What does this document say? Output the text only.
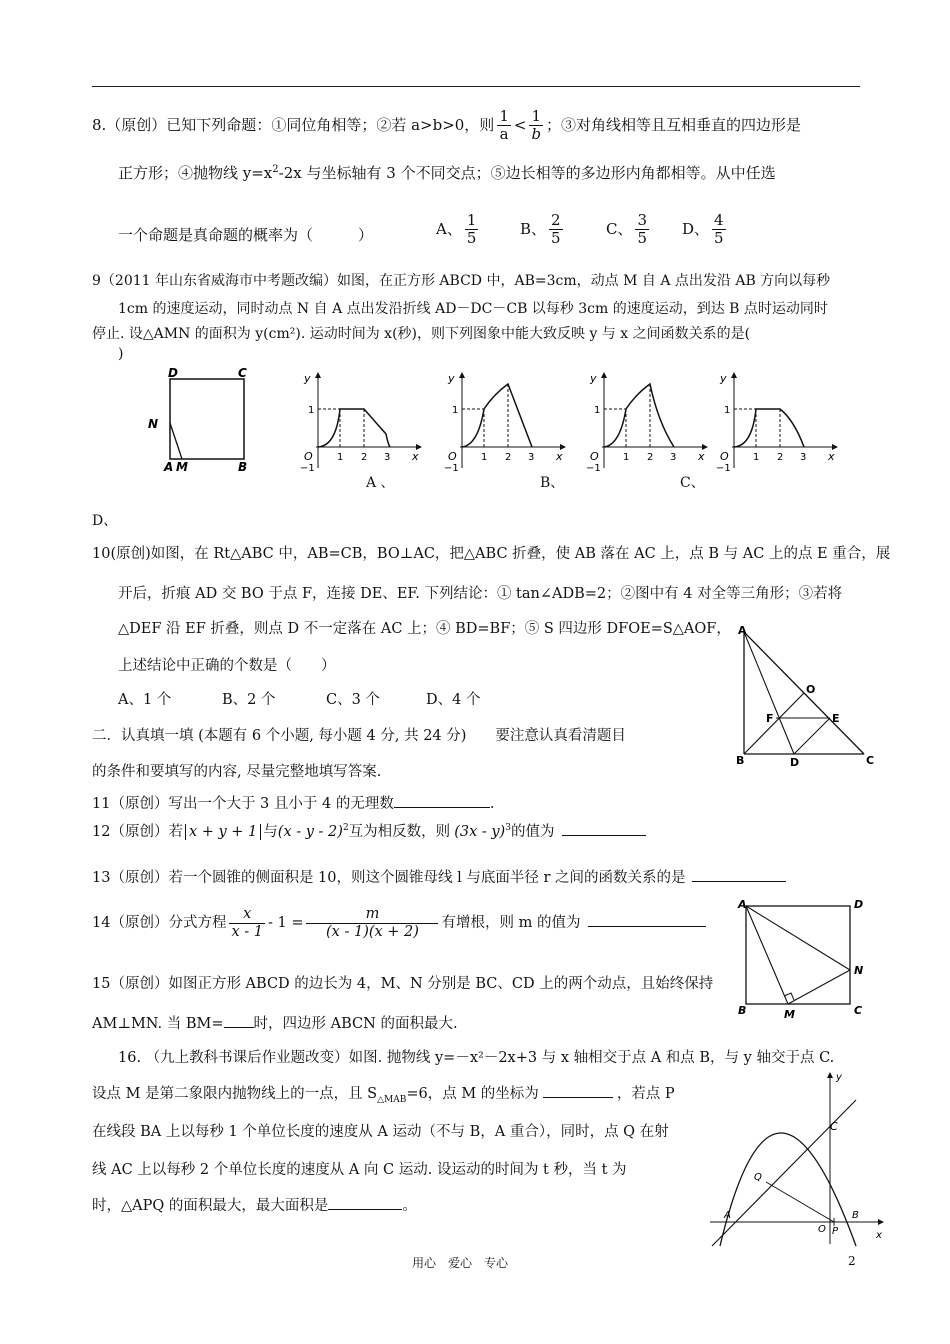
8.（原创）已知下列命题：①同位角相等；②若 a>b>0，则 $\frac{1}{a} < \frac{1}{b}$ ；③对角线相等且互相垂直的四边形是
正方形；④抛物线 $y=x^2-2x$ 与坐标轴有 3 个不同交点；⑤边长相等的多边形内角都相等。从中任选
一个命题是真命题的概率为（　　　）	A、 $\frac{1}{5}$	B、 $\frac{2}{5}$	C、 $\frac{3}{5}$ D、 $\frac{4}{5}$
9（2011 年山东省威海市中考题改编）如图，在正方形 ABCD 中，AB=3cm，动点 M 自 A 点出发沿 AB 方向以每秒
1cm 的速度运动，同时动点 N 自 A 点出发沿折线 AD－DC－CB 以每秒 3cm 的速度运动，到达 B 点时运动同时
停止. 设△AMN 的面积为 y(cm²). 运动时间为 x(秒)，则下列图象中能大致反映 y 与 x 之间函数关系的是(
)
D	C
N
A M	B
y
x
O
−1
1
1 2 3
y
x
O
−1
1
1 2 3
y
x
O
−1
1
1 2 3
y
x
O
−1
1
1 2 3
A 、	B、	C、
D、
10(原创)如图，在 Rt△ABC 中，AB=CB，BO⊥AC，把△ABC 折叠，使 AB 落在 AC 上，点 B 与 AC 上的点 E 重合，展
开后，折痕 AD 交 BO 于点 F，连接 DE、EF. 下列结论：① tan∠ADB=2；②图中有 4 对全等三角形；③若将
△DEF 沿 EF 折叠，则点 D 不一定落在 AC 上；④ BD=BF；⑤ S 四边形 DFOE=S△AOF，
上述结论中正确的个数是（　　）
A、1 个	B、2 个	C、3 个	D、4 个
A
O
F	E
B	D	C
二．认真填一填 (本题有 6 个小题, 每小题 4 分, 共 24 分)　　要注意认真看清题目
的条件和要填写的内容, 尽量完整地填写答案.
11（原创）写出一个大于 3 且小于 4 的无理数	.
12（原创）若 x + y + 1 与(x - y - 2)$^2$互为相反数，则 (3x - y)$^3$的值为
13（原创）若一个圆锥的侧面积是 10，则这个圆锥母线 l 与底面半径 r 之间的函数关系的是
14（原创）分式方程 $\frac{x}{x - 1} - 1 = \frac{m}{(x - 1)(x + 2)}$ 有增根，则 m 的值为
A	D
N
B	M	C
15（原创）如图正方形 ABCD 的边长为 4，M、N 分别是 BC、CD 上的两个动点，且始终保持
AM⊥MN. 当 BM= 时，四边形 ABCN 的面积最大.
16. （九上教科书课后作业题改变）如图. 抛物线 y=－x²－2x+3 与 x 轴相交于点 A 和点 B，与 y 轴交于点 C.
设点 M 是第二象限内抛物线上的一点，且 $S_{\triangle MAB}=6$，点 M 的坐标为	，若点 P
在线段 BA 上以每秒 1 个单位长度的速度从 A 运动（不与 B，A 重合），同时，点 Q 在射
线 AC 上以每秒 2 个单位长度的速度从 A 向 C 运动. 设运动的时间为 t 秒，当 t 为
时，△APQ 的面积最大，最大面积是	。
y
x
C
Q
A
O P
B
用心　爱心　专心	2
